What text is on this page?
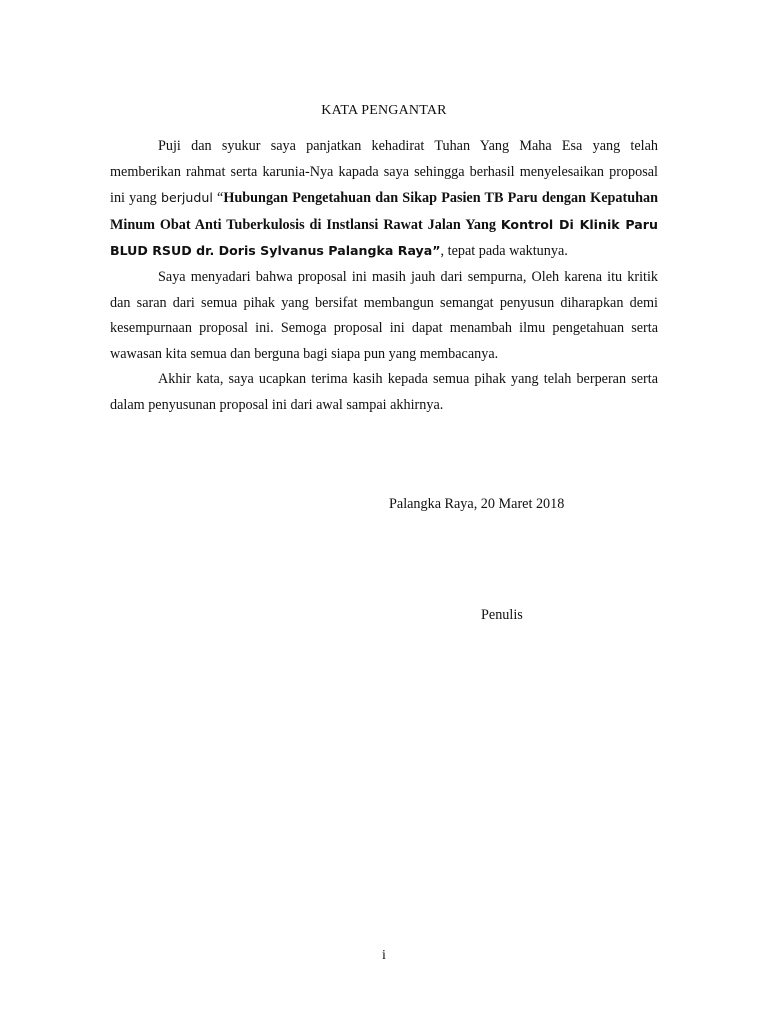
KATA PENGANTAR

Puji dan syukur saya panjatkan kehadirat Tuhan Yang Maha Esa yang telah memberikan rahmat serta karunia-Nya kapada saya sehingga berhasil menyelesaikan proposal ini yang berjudul “Hubungan Pengetahuan dan Sikap Pasien TB Paru dengan Kepatuhan Minum Obat Anti Tuberkulosis di Instlansi Rawat Jalan Yang Kontrol Di Klinik Paru BLUD RSUD dr. Doris Sylvanus Palangka Raya”, tepat pada waktunya.

Saya menyadari bahwa proposal ini masih jauh dari sempurna, Oleh karena itu kritik dan saran dari semua pihak yang bersifat membangun semangat penyusun diharapkan demi kesempurnaan proposal ini. Semoga proposal ini dapat menambah ilmu pengetahuan serta wawasan kita semua dan berguna bagi siapa pun yang membacanya.

Akhir kata, saya ucapkan terima kasih kepada semua pihak yang telah berperan serta dalam penyusunan proposal ini dari awal sampai akhirnya.

Palangka Raya, 20 Maret 2018
Penulis
i
